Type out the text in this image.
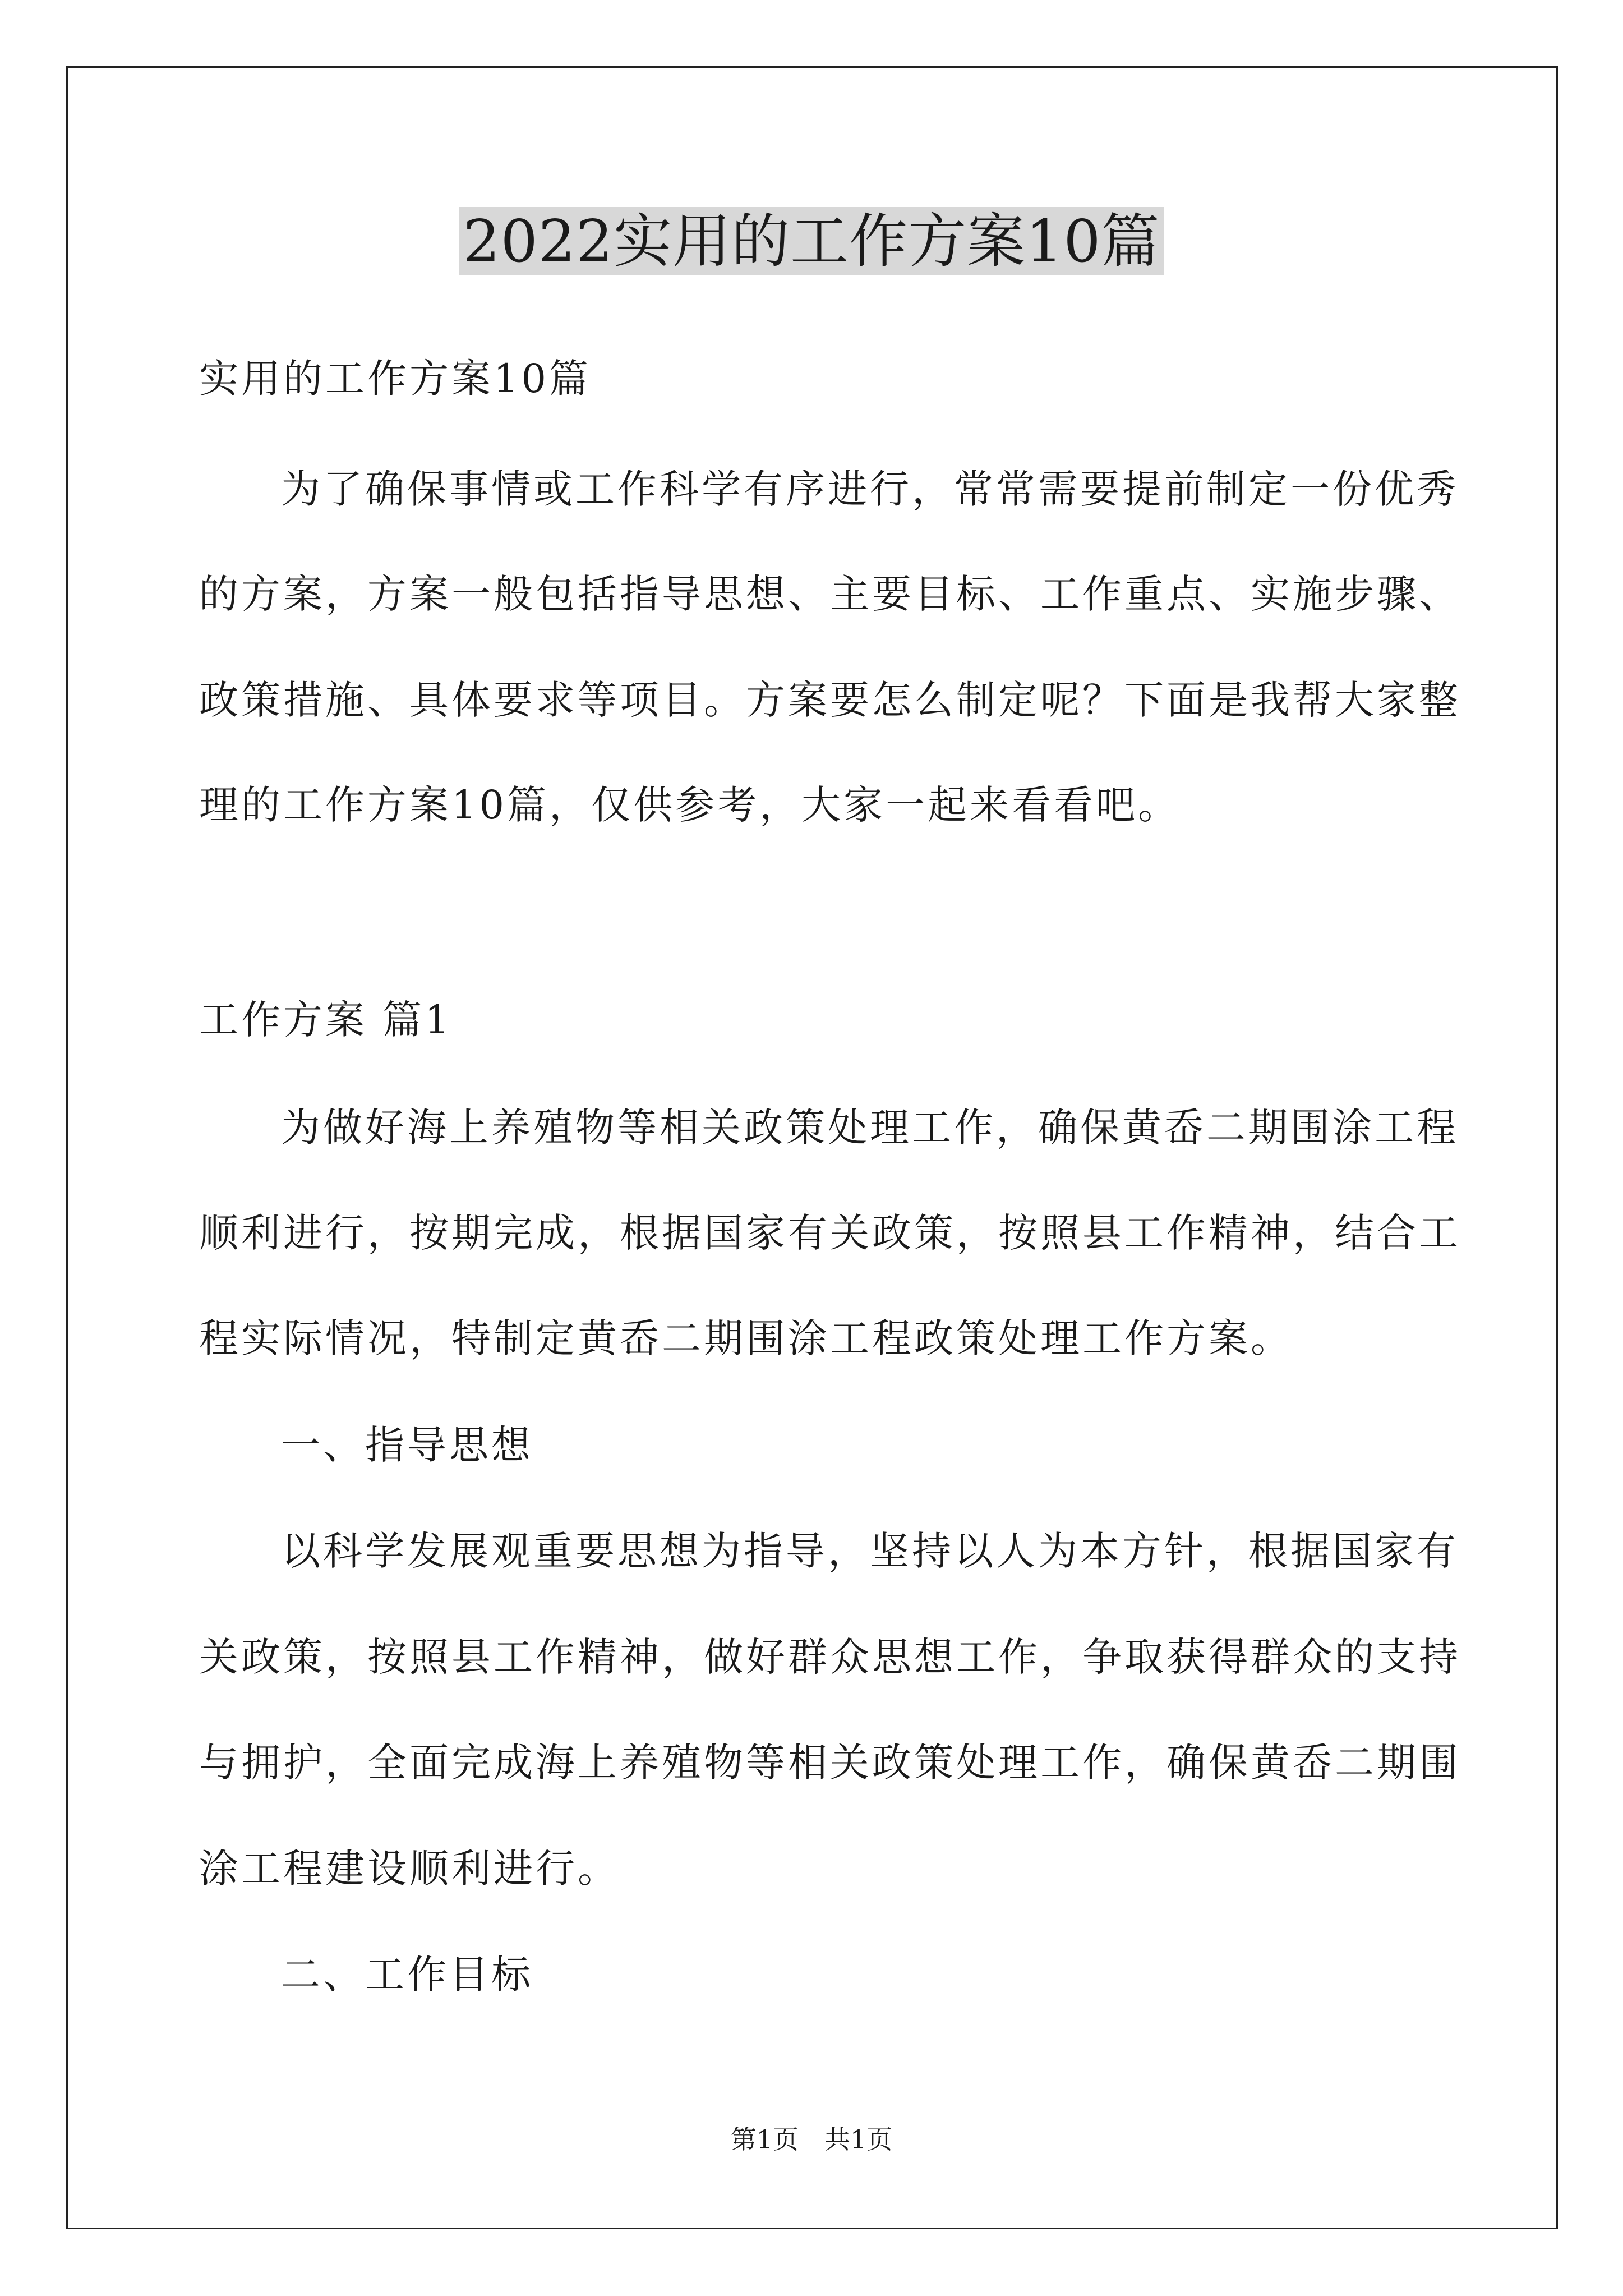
2022实用的工作方案10篇
实用的工作方案10篇
为了确保事情或工作科学有序进行，常常需要提前制定一份优秀
的方案，方案一般包括指导思想、主要目标、工作重点、实施步骤、
政策措施、具体要求等项目。方案要怎么制定呢？下面是我帮大家整
理的工作方案10篇，仅供参考，大家一起来看看吧。
工作方案 篇1
为做好海上养殖物等相关政策处理工作，确保黄岙二期围涂工程
顺利进行，按期完成，根据国家有关政策，按照县工作精神，结合工
程实际情况，特制定黄岙二期围涂工程政策处理工作方案。
一、指导思想
以科学发展观重要思想为指导，坚持以人为本方针，根据国家有
关政策，按照县工作精神，做好群众思想工作，争取获得群众的支持
与拥护，全面完成海上养殖物等相关政策处理工作，确保黄岙二期围
涂工程建设顺利进行。
二、工作目标
第1页　共1页
